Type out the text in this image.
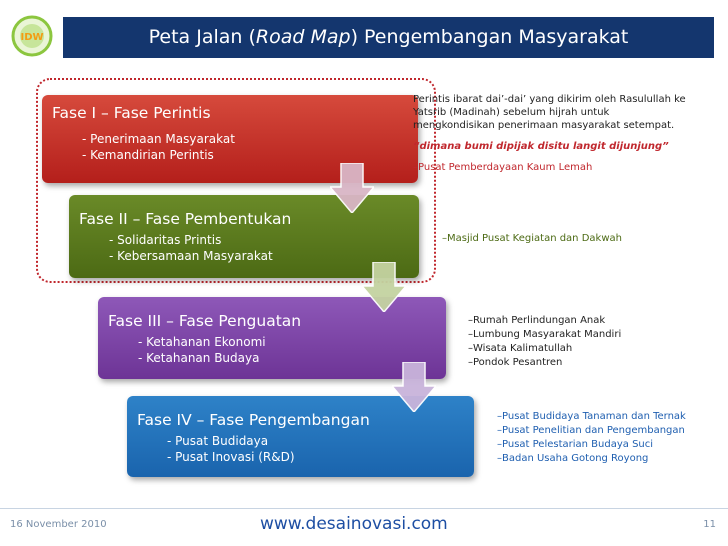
IDW	Peta Jalan (Road Map) Pengembangan Masyarakat
Fase I – Fase Perintis
- Penerimaan Masyarakat
- Kemandirian Perintis
Fase II – Fase Pembentukan
- Solidaritas Printis
- Kebersamaan Masyarakat
Fase III – Fase Penguatan
- Ketahanan Ekonomi
- Ketahanan Budaya
Fase IV – Fase Pengembangan
- Pusat Budidaya
- Pusat Inovasi (R&D)
Perintis ibarat dai’-dai’ yang dikirim oleh Rasulullah ke
Yatsrib (Madinah) sebelum hijrah untuk
mengkondisikan penerimaan masyarakat setempat.
“dimana bumi dipijak disitu langit dijunjung”
–Pusat Pemberdayaan Kaum Lemah
–Masjid Pusat Kegiatan dan Dakwah
–Rumah Perlindungan Anak
–Lumbung Masyarakat Mandiri
–Wisata Kalimatullah
–Pondok Pesantren
–Pusat Budidaya Tanaman dan Ternak
–Pusat Penelitian dan Pengembangan
–Pusat Pelestarian Budaya Suci
–Badan Usaha Gotong Royong
16 November 2010	www.desainovasi.com	11
